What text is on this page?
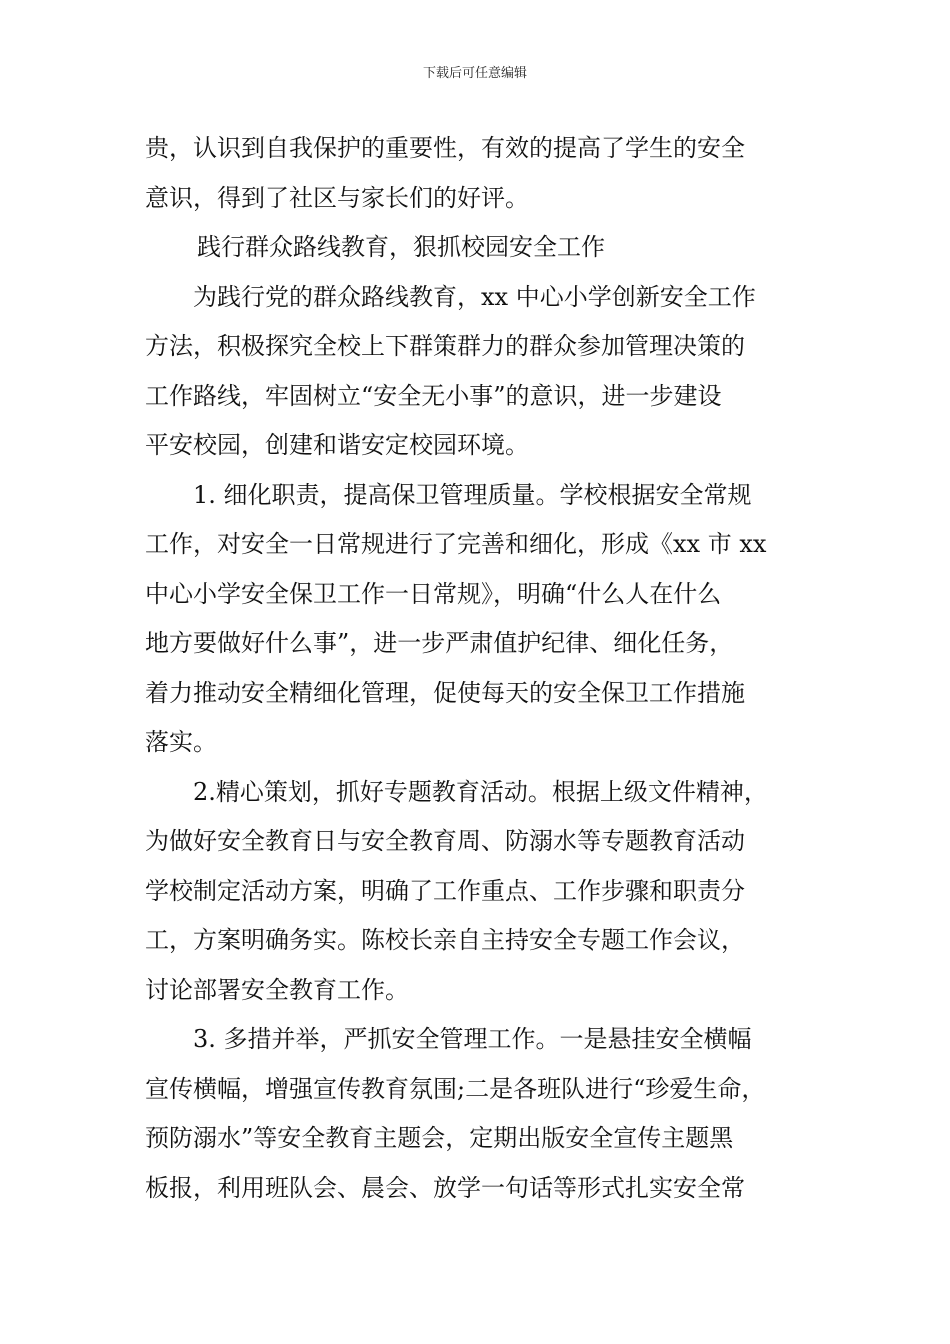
下载后可任意编辑
贵，认识到自我保护的重要性，有效的提高了学生的安全
意识，得到了社区与家长们的好评。
践行群众路线教育，狠抓校园安全工作
为践行党的群众路线教育，xx 中心小学创新安全工作
方法，积极探究全校上下群策群力的群众参加管理决策的
工作路线，牢固树立“安全无小事”的意识，进一步建设
平安校园，创建和谐安定校园环境。
1. 细化职责，提高保卫管理质量。学校根据安全常规
工作，对安全一日常规进行了完善和细化，形成《xx 市 xx
中心小学安全保卫工作一日常规》，明确“什么人在什么
地方要做好什么事”，进一步严肃值护纪律、细化任务，
着力推动安全精细化管理，促使每天的安全保卫工作措施
落实。
2.精心策划，抓好专题教育活动。根据上级文件精神，
为做好安全教育日与安全教育周、防溺水等专题教育活动
学校制定活动方案，明确了工作重点、工作步骤和职责分
工，方案明确务实。陈校长亲自主持安全专题工作会议，
讨论部署安全教育工作。
3. 多措并举，严抓安全管理工作。一是悬挂安全横幅
宣传横幅，增强宣传教育氛围;二是各班队进行“珍爱生命，
预防溺水”等安全教育主题会，定期出版安全宣传主题黑
板报，利用班队会、晨会、放学一句话等形式扎实安全常
